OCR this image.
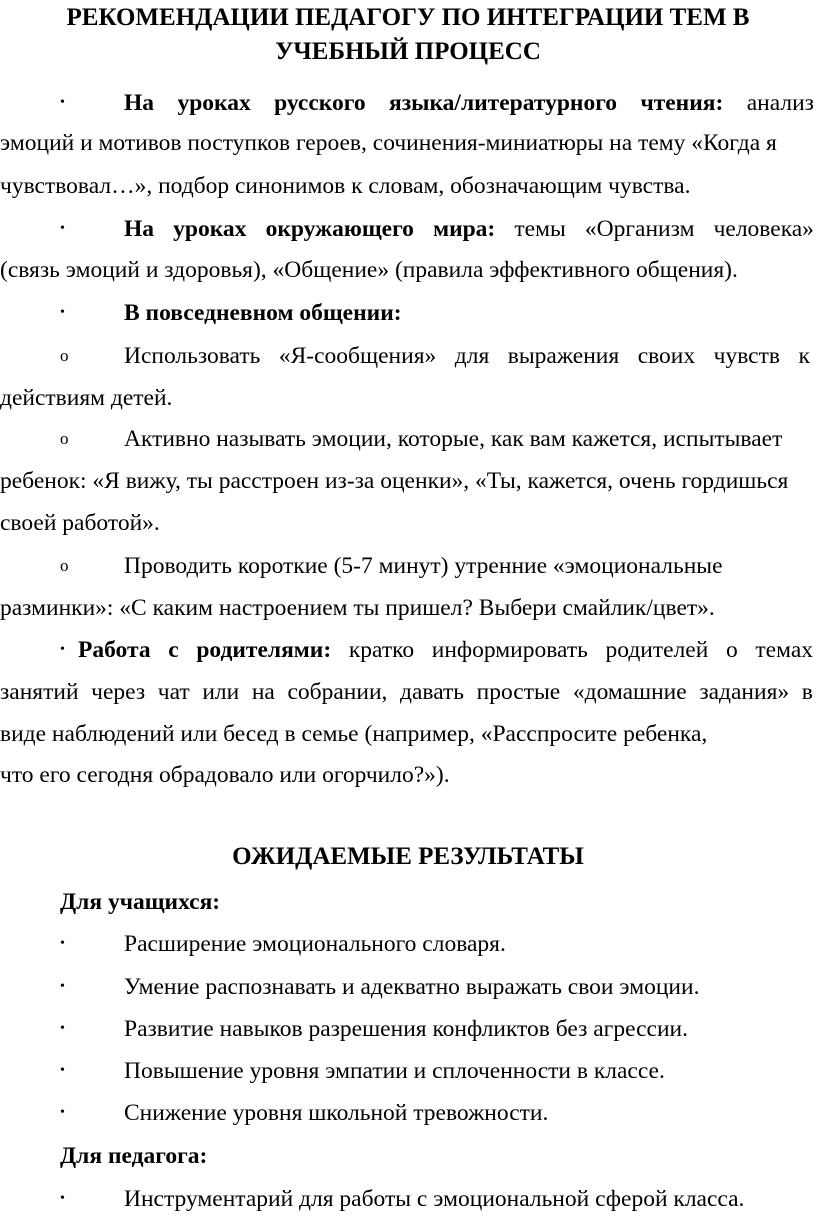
РЕКОМЕНДАЦИИ ПЕДАГОГУ ПО ИНТЕГРАЦИИ ТЕМ В
УЧЕБНЫЙ ПРОЦЕСС
•	На уроках русского языка/литературного чтения: анализ
эмоций и мотивов поступков героев, сочинения-миниатюры на тему «Когда я
чувствовал…», подбор синонимов к словам, обозначающим чувства.
•	На уроках окружающего мира: темы «Организм человека»
(связь эмоций и здоровья), «Общение» (правила эффективного общения).
•	В повседневном общении:
o Использовать «Я-сообщения» для выражения своих чувств к
действиям детей.
o Активно называть эмоции, которые, как вам кажется, испытывает
ребенок: «Я вижу, ты расстроен из-за оценки», «Ты, кажется, очень гордишься
своей работой».
o Проводить короткие (5-7 минут) утренние «эмоциональные
разминки»: «С каким настроением ты пришел? Выбери смайлик/цвет».
• Работа с родителями: кратко информировать родителей о темах
занятий через чат или на собрании, давать простые «домашние задания» в
виде наблюдений или бесед в семье (например, «Расспросите ребенка,
что его сегодня обрадовало или огорчило?»).
ОЖИДАЕМЫЕ РЕЗУЛЬТАТЫ
Для учащихся:
•	Расширение эмоционального словаря.
•	Умение распознавать и адекватно выражать свои эмоции.
•	Развитие навыков разрешения конфликтов без агрессии.
•	Повышение уровня эмпатии и сплоченности в классе.
•	Снижение уровня школьной тревожности.
Для педагога:
•	Инструментарий для работы с эмоциональной сферой класса.
